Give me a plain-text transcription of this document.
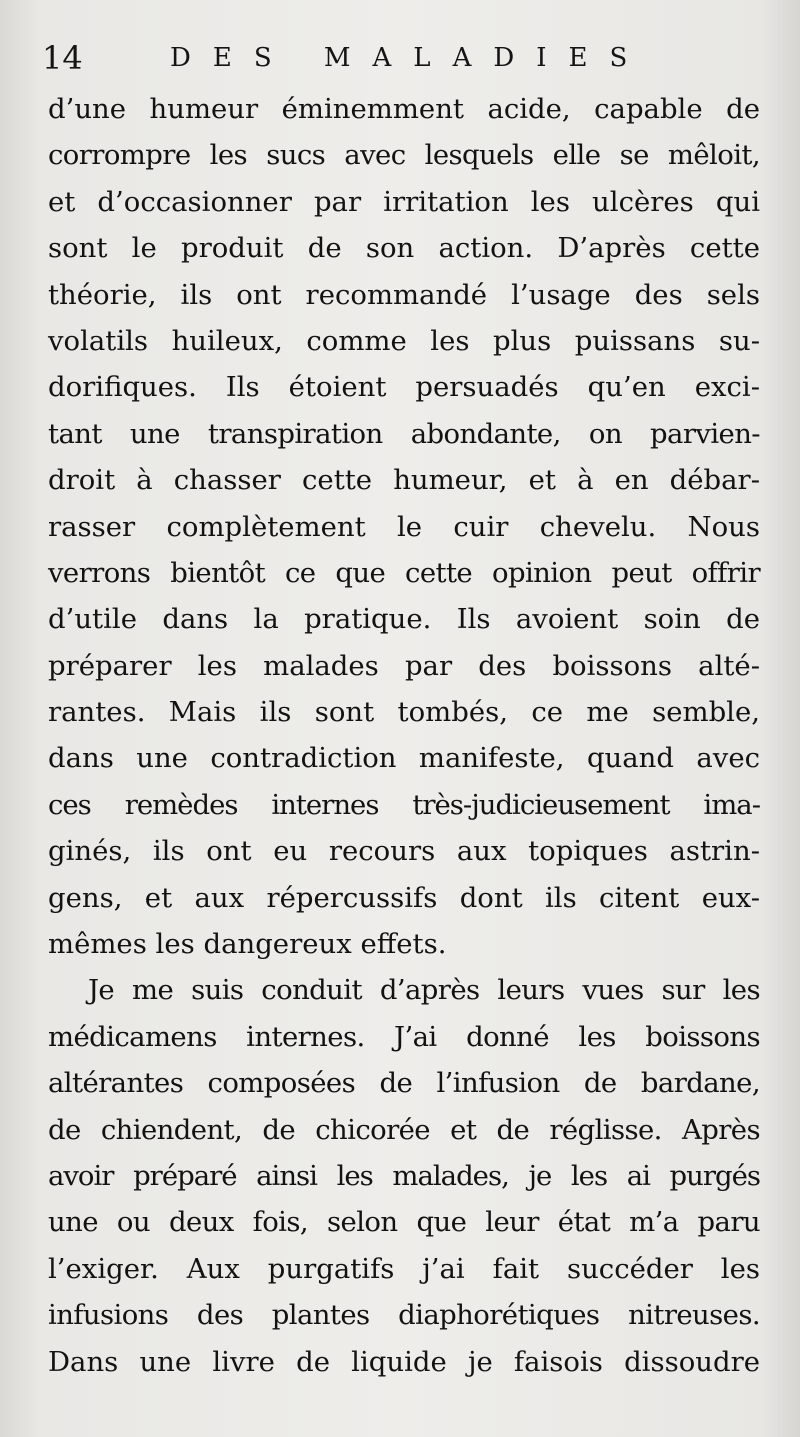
14	DES MALADIES
d’une humeur éminemment acide, capable de
corrompre les sucs avec lesquels elle se mêloit,
et d’occasionner par irritation les ulcères qui
sont le produit de son action. D’après cette
théorie, ils ont recommandé l’usage des sels
volatils huileux, comme les plus puissans su-
dorifiques. Ils étoient persuadés qu’en exci-
tant une transpiration abondante, on parvien-
droit à chasser cette humeur, et à en débar-
rasser complètement le cuir chevelu. Nous
verrons bientôt ce que cette opinion peut offrir
d’utile dans la pratique. Ils avoient soin de
préparer les malades par des boissons alté-
rantes. Mais ils sont tombés, ce me semble,
dans une contradiction manifeste, quand avec
ces remèdes internes très-judicieusement ima-
ginés, ils ont eu recours aux topiques astrin-
gens, et aux répercussifs dont ils citent eux-
mêmes les dangereux effets.
Je me suis conduit d’après leurs vues sur les
médicamens internes. J’ai donné les boissons
altérantes composées de l’infusion de bardane,
de chiendent, de chicorée et de réglisse. Après
avoir préparé ainsi les malades, je les ai purgés
une ou deux fois, selon que leur état m’a paru
l’exiger. Aux purgatifs j’ai fait succéder les
infusions des plantes diaphorétiques nitreuses.
Dans une livre de liquide je faisois dissoudre
